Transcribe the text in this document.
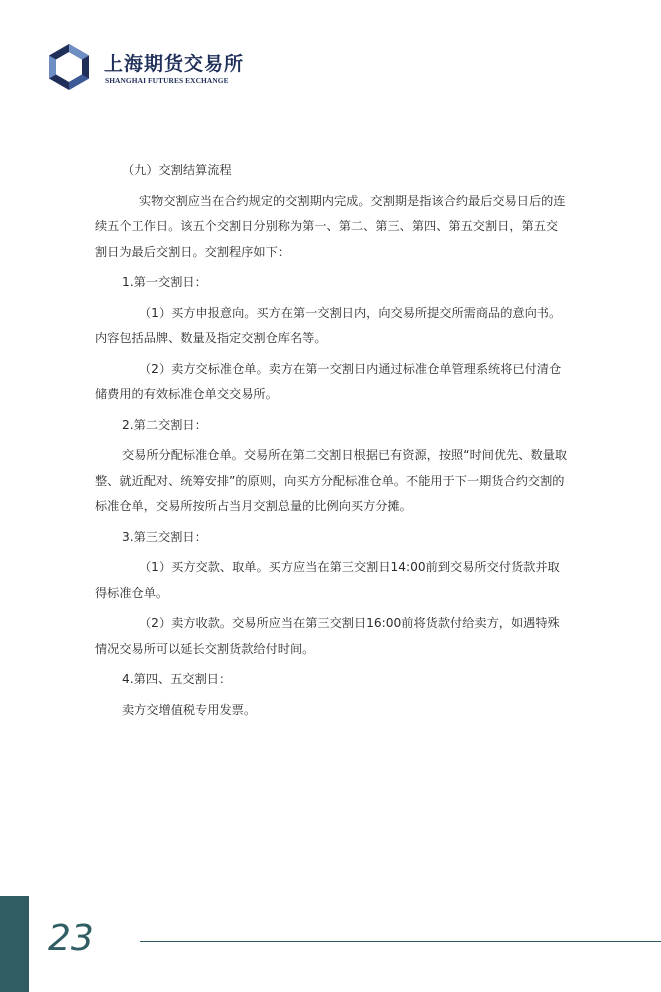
上海期货交易所
SHANGHAI FUTURES EXCHANGE

（九）交割结算流程

实物交割应当在合约规定的交割期内完成。交割期是指该合约最后交易日后的连续五个工作日。该五个交割日分别称为第一、第二、第三、第四、第五交割日，第五交割日为最后交割日。交割程序如下：

1.第一交割日：

（1）买方申报意向。买方在第一交割日内，向交易所提交所需商品的意向书。内容包括品牌、数量及指定交割仓库名等。

（2）卖方交标准仓单。卖方在第一交割日内通过标准仓单管理系统将已付清仓储费用的有效标准仓单交交易所。

2.第二交割日：

交易所分配标准仓单。交易所在第二交割日根据已有资源，按照“时间优先、数量取整、就近配对、统筹安排”的原则，向买方分配标准仓单。不能用于下一期货合约交割的标准仓单，交易所按所占当月交割总量的比例向买方分摊。

3.第三交割日：

（1）买方交款、取单。买方应当在第三交割日14:00前到交易所交付货款并取得标准仓单。

（2）卖方收款。交易所应当在第三交割日16:00前将货款付给卖方，如遇特殊情况交易所可以延长交割货款给付时间。

4.第四、五交割日：

卖方交增值税专用发票。

23
